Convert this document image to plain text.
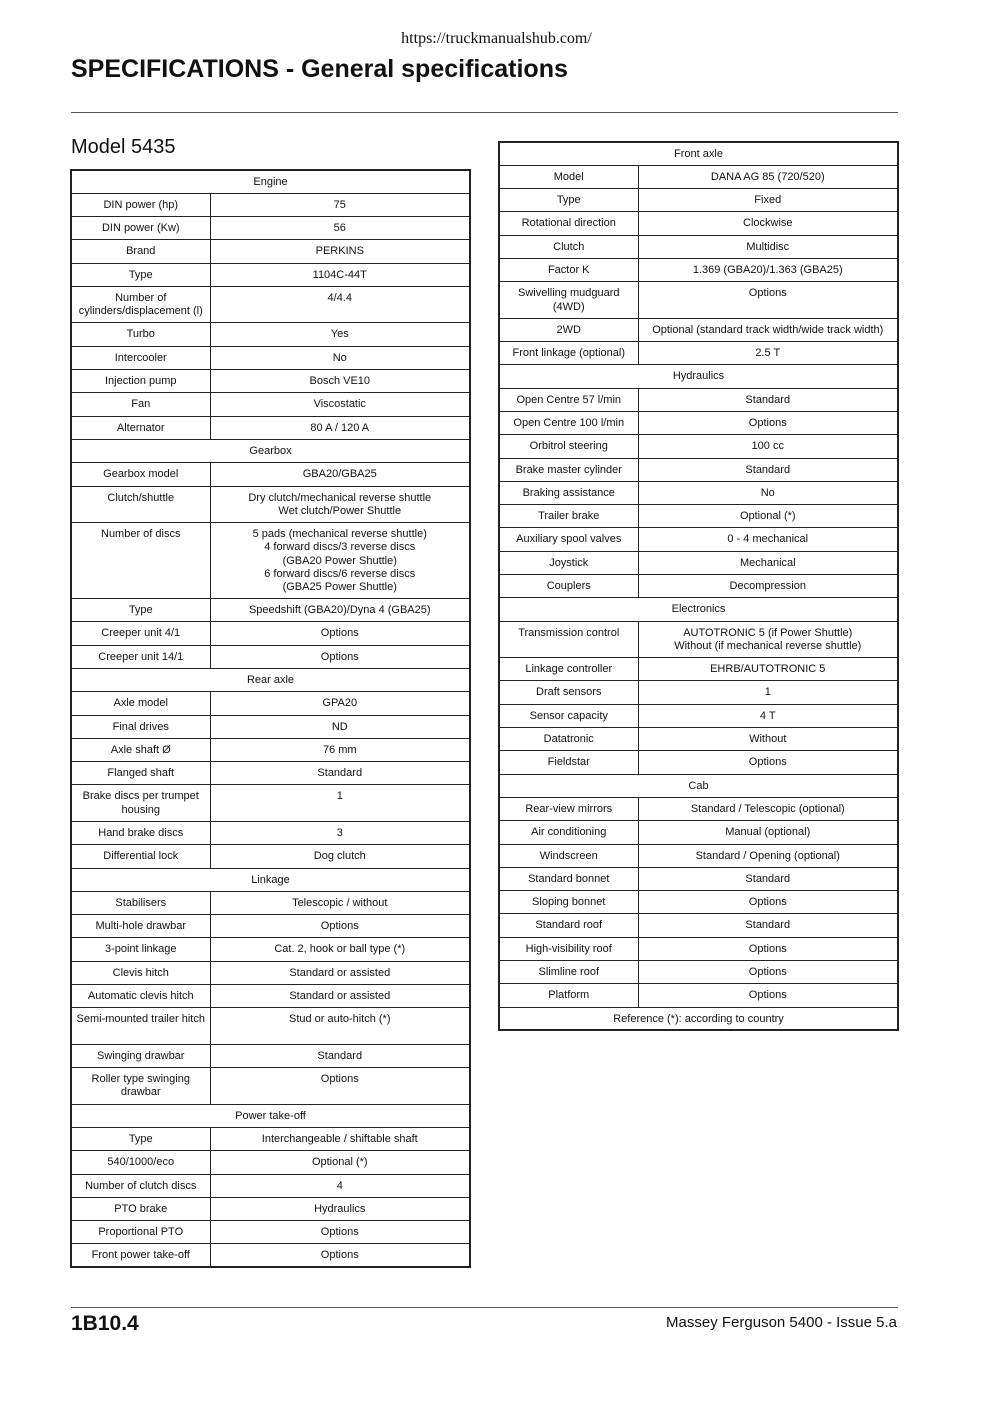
https://truckmanualshub.com/
SPECIFICATIONS - General specifications
Model 5435
Engine	
DIN power (hp)	75
DIN power (Kw)	56
Brand	PERKINS
Type	1104C-44T
Number of cylinders/displacement (l)	4/4.4
Turbo	Yes
Intercooler	No
Injection pump	Bosch VE10
Fan	Viscostatic
Alternator	80 A / 120 A
Gearbox	
Gearbox model	GBA20/GBA25
Clutch/shuttle	Dry clutch/mechanical reverse shuttle
Wet clutch/Power Shuttle
Number of discs	5 pads (mechanical reverse shuttle)
4 forward discs/3 reverse discs
(GBA20 Power Shuttle)
6 forward discs/6 reverse discs
(GBA25 Power Shuttle)
Type	Speedshift (GBA20)/Dyna 4 (GBA25)
Creeper unit 4/1	Options
Creeper unit 14/1	Options
Rear axle	
Axle model	GPA20
Final drives	ND
Axle shaft Ø	76 mm
Flanged shaft	Standard
Brake discs per trumpet housing	1
Hand brake discs	3
Differential lock	Dog clutch
Linkage	
Stabilisers	Telescopic / without
Multi-hole drawbar	Options
3-point linkage	Cat. 2, hook or ball type (*)
Clevis hitch	Standard or assisted
Automatic clevis hitch	Standard or assisted
Semi-mounted trailer hitch	Stud or auto-hitch (*)
Swinging drawbar	Standard
Roller type swinging drawbar	Options
Power take-off	
Type	Interchangeable / shiftable shaft
540/1000/eco	Optional (*)
Number of clutch discs	4
PTO brake	Hydraulics
Proportional PTO	Options
Front power take-off	Options
Front axle	
Model	DANA AG 85 (720/520)
Type	Fixed
Rotational direction	Clockwise
Clutch	Multidisc
Factor K	1.369 (GBA20)/1.363 (GBA25)
Swivelling mudguard (4WD)	Options
2WD	Optional (standard track width/wide track width)
Front linkage (optional)	2.5 T
Hydraulics	
Open Centre 57 l/min	Standard
Open Centre 100 l/min	Options
Orbitrol steering	100 cc
Brake master cylinder	Standard
Braking assistance	No
Trailer brake	Optional (*)
Auxiliary spool valves	0 - 4 mechanical
Joystick	Mechanical
Couplers	Decompression
Electronics	
Transmission control	AUTOTRONIC 5 (if Power Shuttle)
Without (if mechanical reverse shuttle)
Linkage controller	EHRB/AUTOTRONIC 5
Draft sensors	1
Sensor capacity	4 T
Datatronic	Without
Fieldstar	Options
Cab	
Rear-view mirrors	Standard / Telescopic (optional)
Air conditioning	Manual (optional)
Windscreen	Standard / Opening (optional)
Standard bonnet	Standard
Sloping bonnet	Options
Standard roof	Standard
High-visibility roof	Options
Slimline roof	Options
Platform	Options
Reference (*): according to country	
1B10.4	Massey Ferguson 5400 - Issue 5.a
